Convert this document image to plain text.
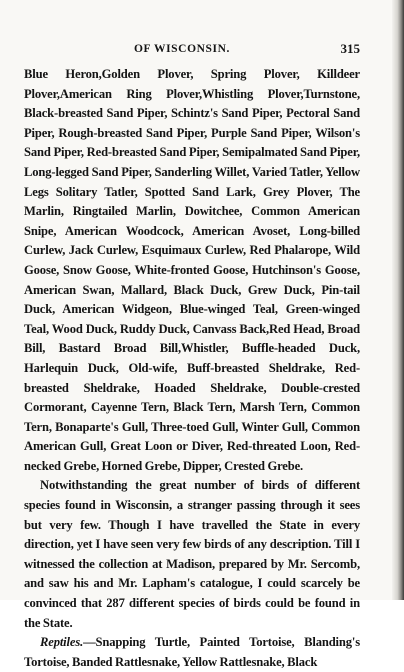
OF WISCONSIN.	315

Blue Heron,Golden Plover, Spring Plover, Killdeer Plover,American Ring Plover,Whistling Plover,Turnstone, Black-breasted Sand Piper, Schintz's Sand Piper, Pectoral Sand Piper, Rough-breasted Sand Piper, Purple Sand Piper, Wilson's Sand Piper, Red-breasted Sand Piper, Semipalmated Sand Piper, Long-legged Sand Piper, Sanderling Willet, Varied Tatler, Yellow Legs Solitary Tatler, Spotted Sand Lark, Grey Plover, The Marlin, Ringtailed Marlin, Dowitchee, Common American Snipe, American Woodcock, American Avoset, Long-billed Curlew, Jack Curlew, Esquimaux Curlew, Red Phalarope, Wild Goose, Snow Goose, White-fronted Goose, Hutchinson's Goose, American Swan, Mallard, Black Duck, Grew Duck, Pin-tail Duck, American Widgeon, Blue-winged Teal, Green-winged Teal, Wood Duck, Ruddy Duck, Canvass Back,Red Head, Broad Bill, Bastard Broad Bill,Whistler, Buffle-headed Duck, Harlequin Duck, Old-wife, Buff-breasted Sheldrake, Red-breasted Sheldrake, Hoaded Sheldrake, Double-crested Cormorant, Cayenne Tern, Black Tern, Marsh Tern, Common Tern, Bonaparte's Gull, Three-toed Gull, Winter Gull, Common American Gull, Great Loon or Diver, Red-threated Loon, Red-necked Grebe, Horned Grebe, Dipper, Crested Grebe.

Notwithstanding the great number of birds of different species found in Wisconsin, a stranger passing through it sees but very few. Though I have travelled the State in every direction, yet I have seen very few birds of any description. Till I witnessed the collection at Madison, prepared by Mr. Sercomb, and saw his and Mr. Lapham's catalogue, I could scarcely be convinced that 287 different species of birds could be found in the State.

Reptiles.—Snapping Turtle, Painted Tortoise, Blanding's Tortoise, Banded Rattlesnake, Yellow Rattlesnake, Black
